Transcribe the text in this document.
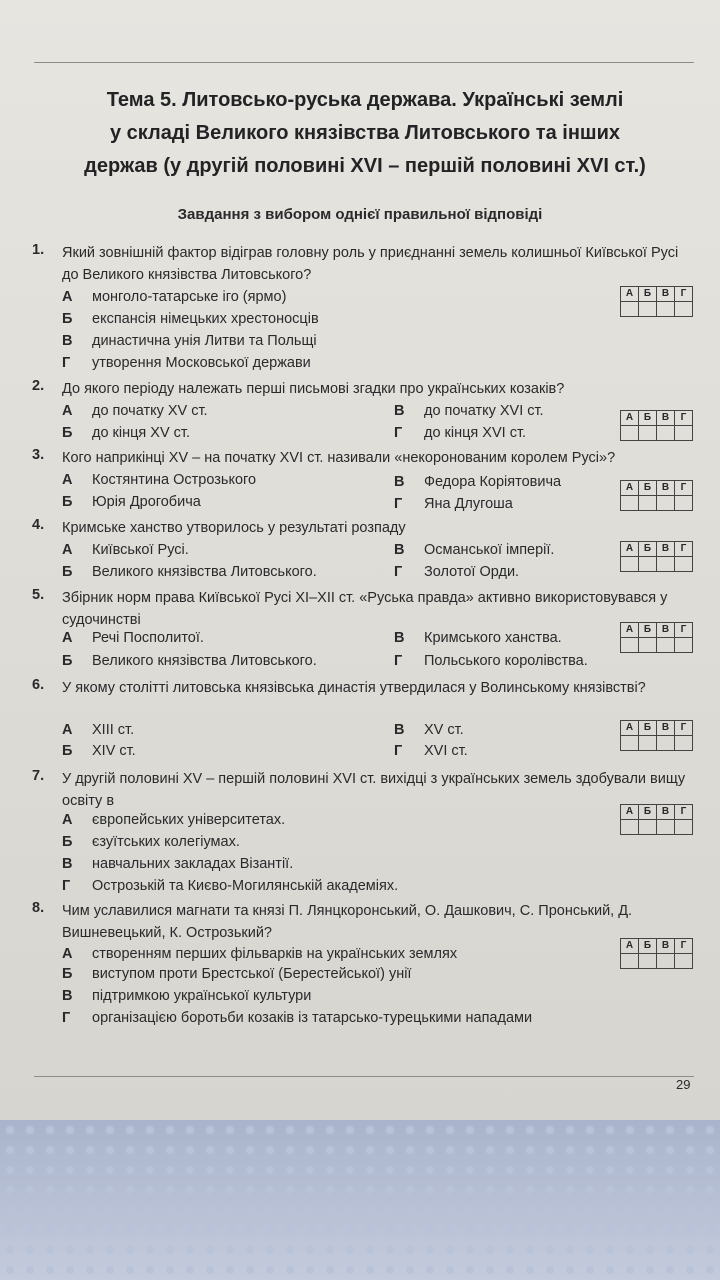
Тема 5. Литовсько-руська держава. Українські землі
у складі Великого князівства Литовського та інших
держав (у другій половині XVI – першій половині XVI ст.)
Завдання з вибором однієї правильної відповіді
1. Який зовнішній фактор відіграв головну роль у приєднанні земель колишньої Київської Русі до Великого князівства Литовського?
А монголо-татарське іго (ярмо)
Б експансія німецьких хрестоносців
В династична унія Литви та Польщі
Г утворення Московської держави
А	Б	В	Г

2. До якого періоду належать перші письмові згадки про українських козаків?
А до початку XV ст.
Б до кінця XV ст.
В до початку XVI ст.
Г до кінця XVI ст.
А	Б	В	Г

3. Кого наприкінці XV – на початку XVI ст. називали «некоронованим королем Русі»?
А Костянтина Острозького
Б Юрія Дрогобича
В Федора Коріятовича
Г Яна Длугоша
А	Б	В	Г

4. Кримське ханство утворилось у результаті розпаду
А Київської Русі.
Б Великого князівства Литовського.
В Османської імперії.
Г Золотої Орди.
А	Б	В	Г

5. Збірник норм права Київської Русі XI–XII ст. «Руська правда» активно використовувався у судочинстві
А Речі Посполитої.
Б Великого князівства Литовського.
В Кримського ханства.
Г Польського королівства.
А	Б	В	Г

6. У якому столітті литовська князівська династія утвердилася у Волинському князівстві?
А XIII ст.
Б XIV ст.
В XV ст.
Г XVI ст.
А	Б	В	Г

7. У другій половині XV – першій половині XVI ст. вихідці з українських земель здобували вищу освіту в
А європейських університетах.
Б єзуїтських колегіумах.
В навчальних закладах Візантії.
Г Острозькій та Києво-Могилянській академіях.
А	Б	В	Г

8. Чим уславилися магнати та князі П. Лянцкоронський, О. Дашкович, С. Пронський, Д. Вишневецький, К. Острозький?
А створенням перших фільварків на українських землях
Б виступом проти Брестської (Берестейської) унії
В підтримкою української культури
Г організацією боротьби козаків із татарсько-турецькими нападами
А	Б	В	Г

29
